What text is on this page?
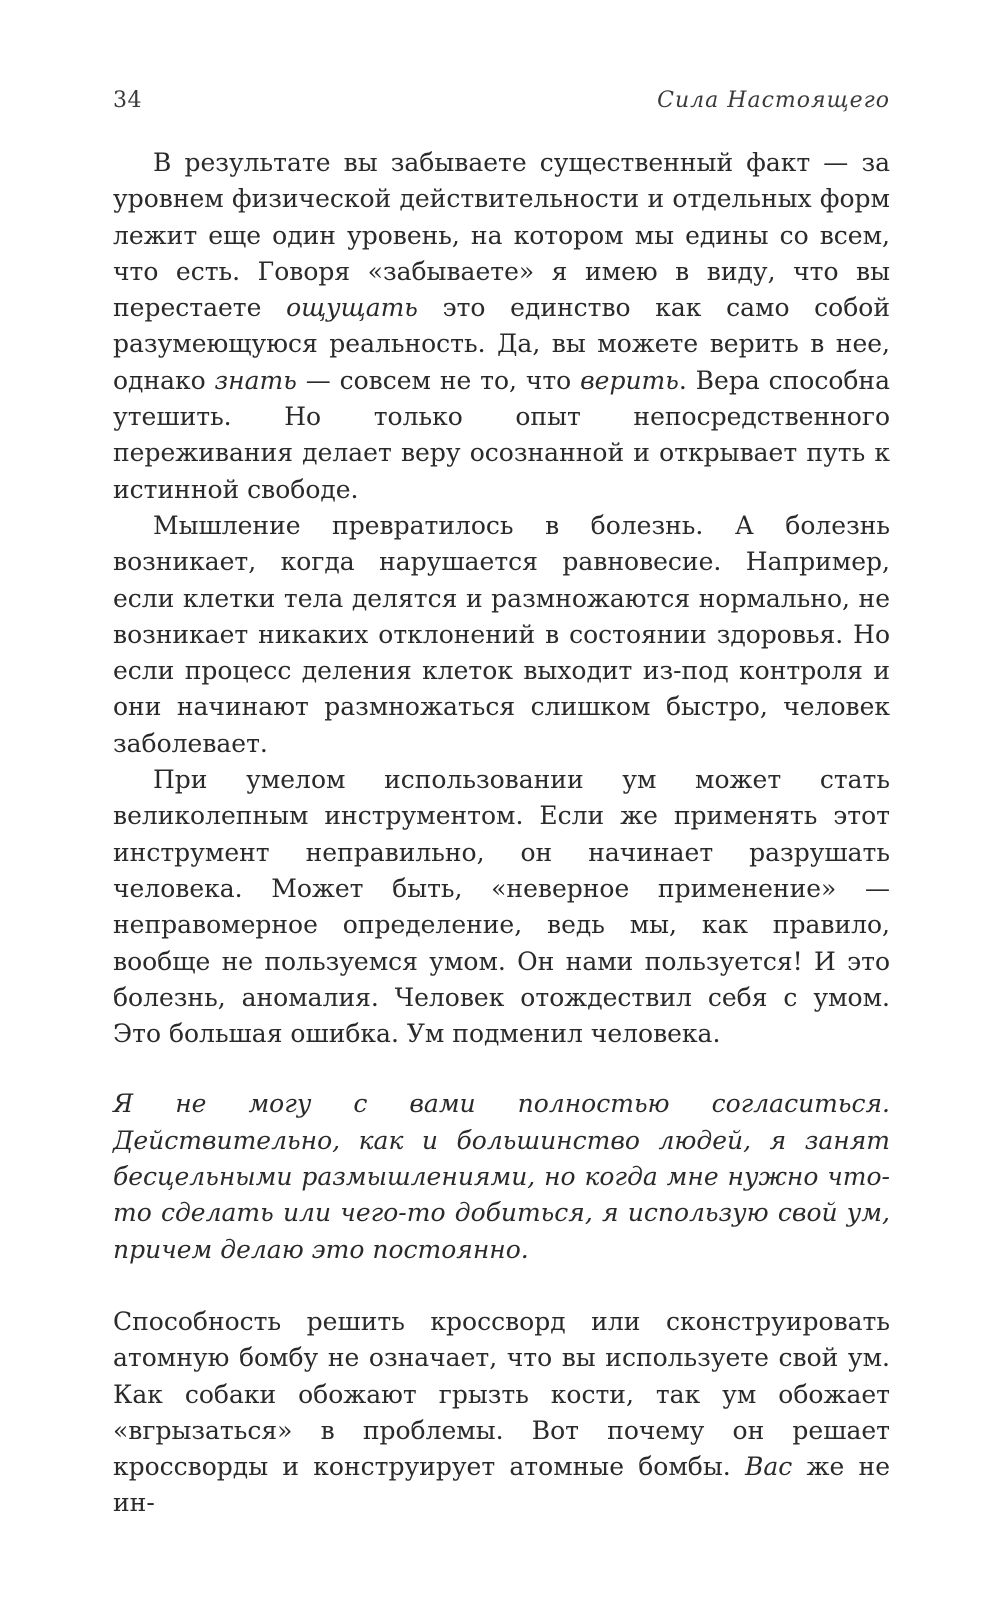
34	Сила Настоящего

В результате вы забываете существенный факт — за уровнем физической действительности и отдельных форм лежит еще один уровень, на котором мы едины со всем, что есть. Говоря «забываете» я имею в виду, что вы перестаете ощущать это единство как само собой разумеющуюся реальность. Да, вы можете верить в нее, однако знать — совсем не то, что верить. Вера способна утешить. Но только опыт непосредственного переживания делает веру осознанной и открывает путь к истинной свободе.

Мышление превратилось в болезнь. А болезнь возникает, когда нарушается равновесие. Например, если клетки тела делятся и размножаются нормально, не возникает никаких отклонений в состоянии здоровья. Но если процесс деления клеток выходит из-под контроля и они начинают размножаться слишком быстро, человек заболевает.

При умелом использовании ум может стать великолепным инструментом. Если же применять этот инструмент неправильно, он начинает разрушать человека. Может быть, «неверное применение» — неправомерное определение, ведь мы, как правило, вообще не пользуемся умом. Он нами пользуется! И это болезнь, аномалия. Человек отождествил себя с умом. Это большая ошибка. Ум подменил человека.

Я не могу с вами полностью согласиться. Действительно, как и большинство людей, я занят бесцельными размышлениями, но когда мне нужно что-то сделать или чего-то добиться, я использую свой ум, причем делаю это постоянно.

Способность решить кроссворд или сконструировать атомную бомбу не означает, что вы используете свой ум. Как собаки обожают грызть кости, так ум обожает «вгрызаться» в проблемы. Вот почему он решает кроссворды и конструирует атомные бомбы. Вас же не ин-
